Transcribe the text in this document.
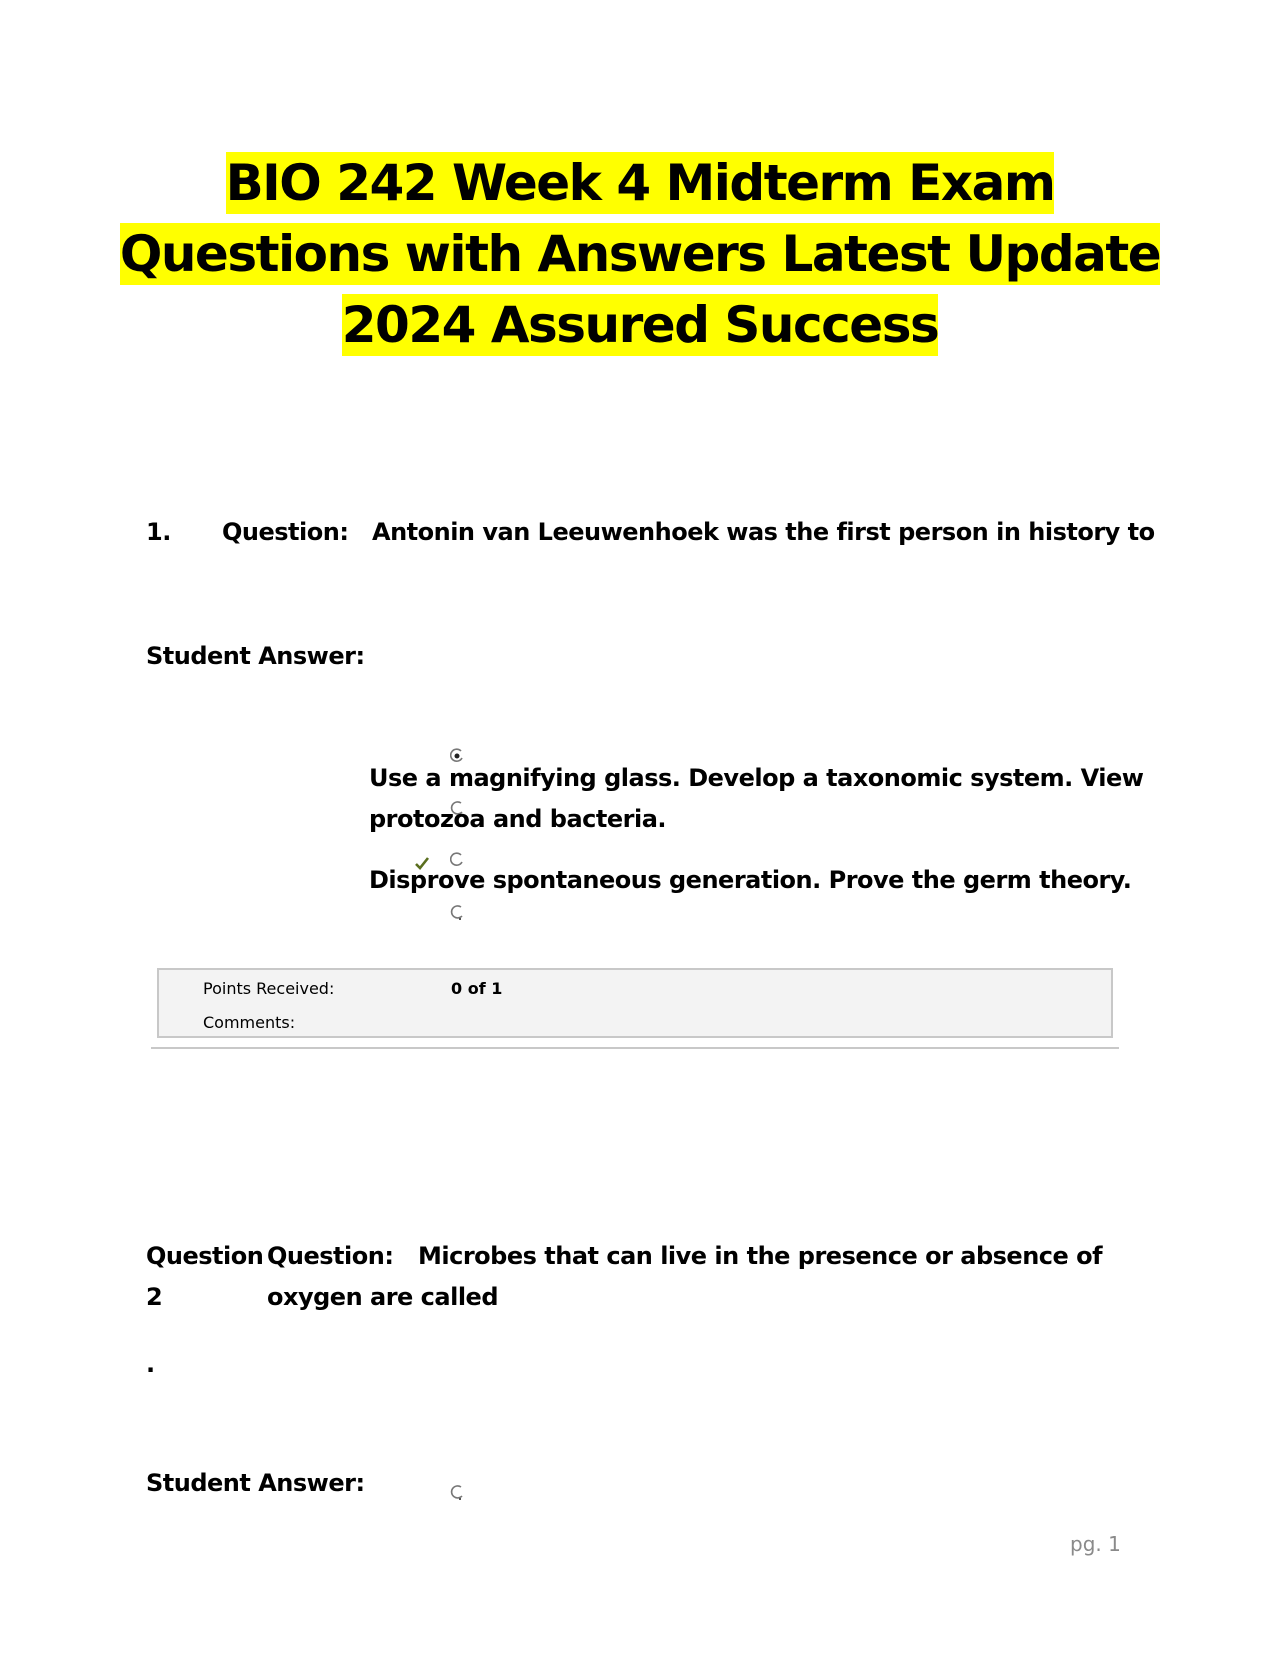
BIO 242 Week 4 Midterm Exam
Questions with Answers Latest Update
2024 Assured Success
1. Question: Antonin van Leeuwenhoek was the first person in history to
Student Answer:
Use a magnifying glass. Develop a taxonomic system. View
protozoa and bacteria.
Disprove spontaneous generation. Prove the germ theory.
Points Received:	0 of 1
Comments:
Question
2
.
Question: Microbes that can live in the presence or absence of
oxygen are called
Student Answer:
pg. 1
